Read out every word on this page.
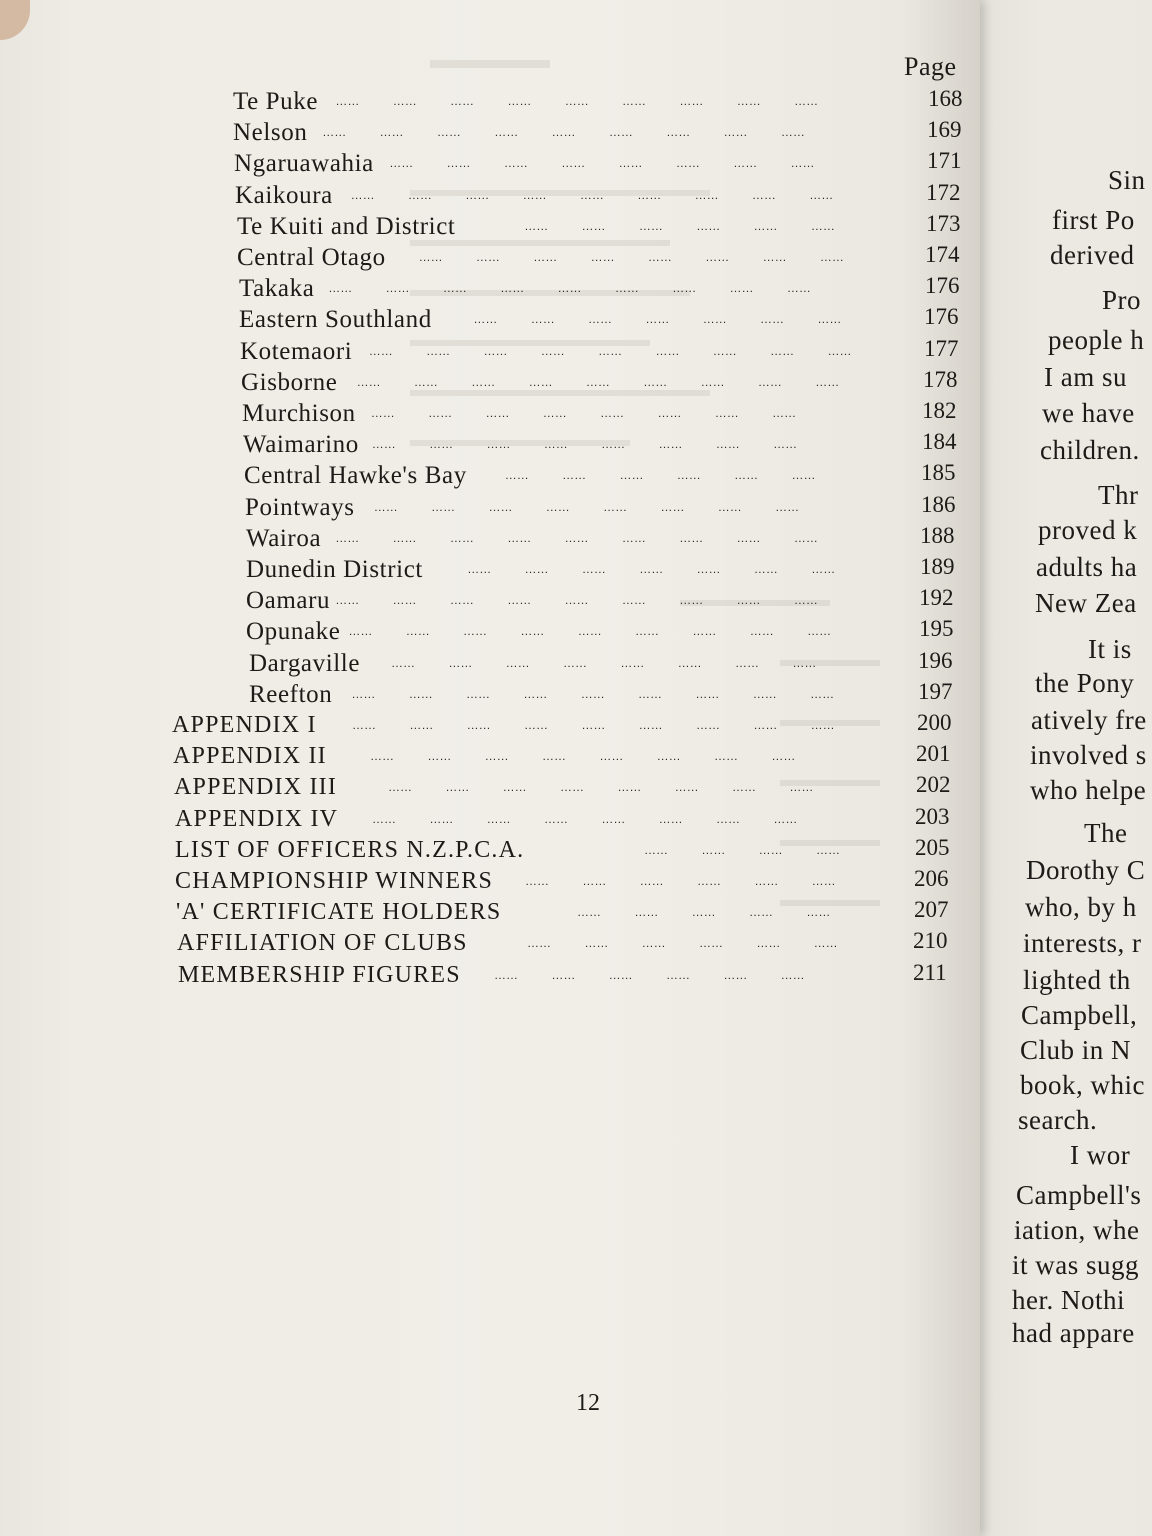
Page
Te Puke …… …… …… …… …… …… …… …… ……	168
Nelson …… …… …… …… …… …… …… …… ……	169
Ngaruawahia …… …… …… …… …… …… …… ……	171
Kaikoura …… …… …… …… …… …… …… …… ……	172
Te Kuiti and District	…… …… …… …… …… ……	173
Central Otago	…… …… …… …… …… …… …… ……	174
Takaka …… …… …… …… …… …… …… …… ……	176
Eastern Southland	…… …… …… …… …… …… ……	176
Kotemaori …… …… …… …… …… …… …… …… ……	177
Gisborne …… …… …… …… …… …… …… …… ……	178
Murchison …… …… …… …… …… …… …… ……	182
Waimarino …… …… …… …… …… …… …… ……	184
Central Hawke's Bay	…… …… …… …… …… ……	185
Pointways …… …… …… …… …… …… …… ……	186
Wairoa …… …… …… …… …… …… …… …… ……	188
Dunedin District	…… …… …… …… …… …… ……	189
Oamaru …… …… …… …… …… …… …… …… ……	192
Opunake …… …… …… …… …… …… …… …… ……	195
Dargaville	…… …… …… …… …… …… …… ……	196
Reefton …… …… …… …… …… …… …… …… ……	197
APPENDIX I	…… …… …… …… …… …… …… …… ……	200
APPENDIX II	…… …… …… …… …… …… …… ……	201
APPENDIX III	…… …… …… …… …… …… …… ……	202
APPENDIX IV	…… …… …… …… …… …… …… ……	203
LIST OF OFFICERS N.Z.P.C.A.	…… …… …… ……	205
CHAMPIONSHIP WINNERS	…… …… …… …… …… ……	206
'A' CERTIFICATE HOLDERS	…… …… …… …… ……	207
AFFILIATION OF CLUBS	…… …… …… …… …… ……	210
MEMBERSHIP FIGURES	…… …… …… …… …… ……	211
12
Sin
first Po
derived
Pro
people h
I am su
we have
children.
Thr
proved k
adults ha
New Zea
It is
the Pony
atively fre
involved s
who helpe
The
Dorothy C
who, by h
interests, r
lighted th
Campbell,
Club in N
book, whic
search.
I wor
Campbell's
iation, whe
it was sugg
her. Nothi
had appare
